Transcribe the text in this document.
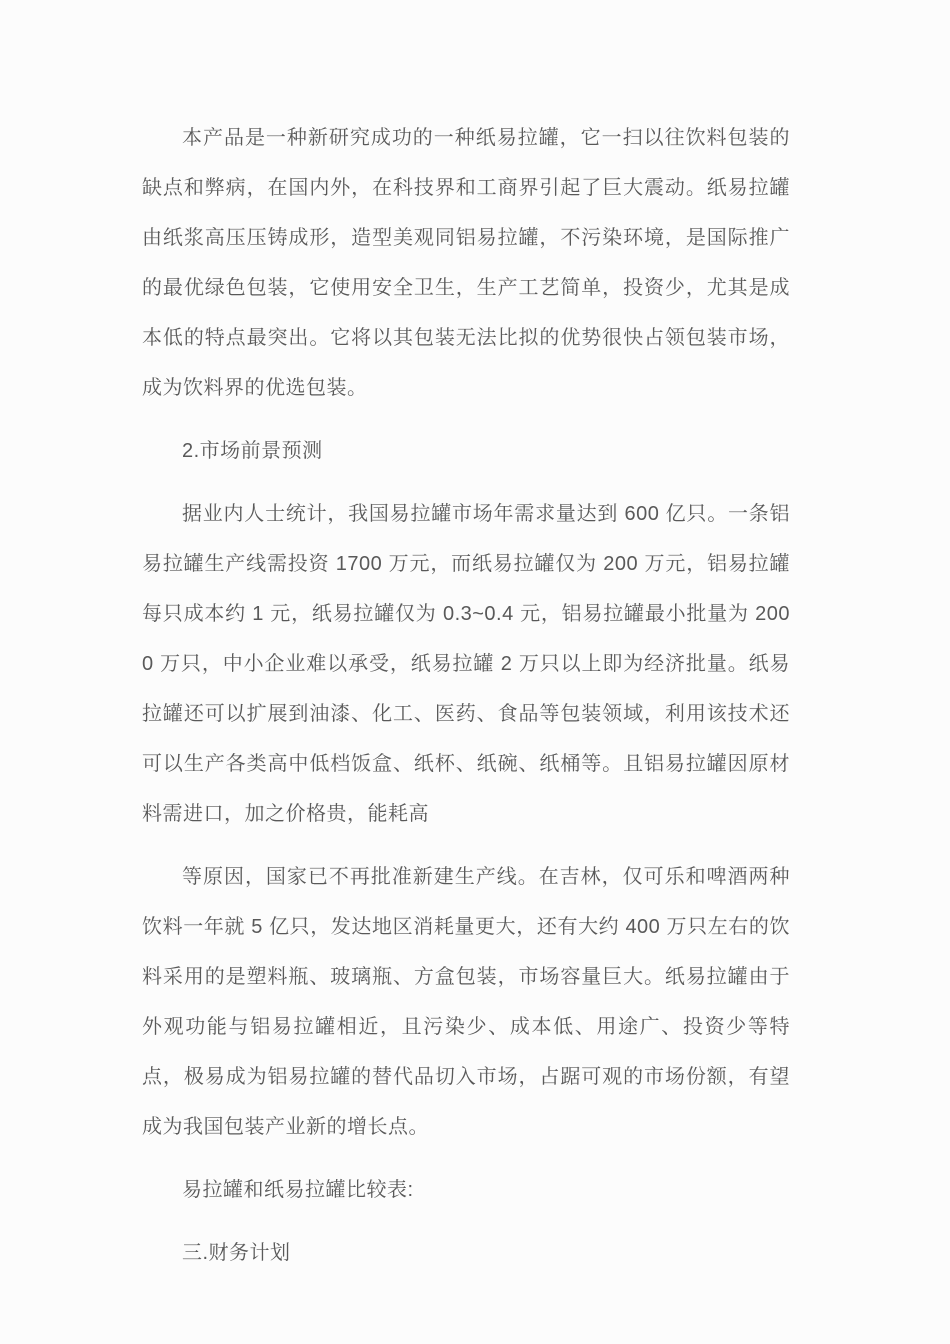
本产品是一种新研究成功的一种纸易拉罐，它一扫以往饮料包装的缺点和弊病，在国内外，在科技界和工商界引起了巨大震动。纸易拉罐由纸浆高压压铸成形，造型美观同铝易拉罐，不污染环境，是国际推广的最优绿色包装，它使用安全卫生，生产工艺简单，投资少，尤其是成本低的特点最突出。它将以其包装无法比拟的优势很快占领包装市场，成为饮料界的优选包装。

2.市场前景预测

据业内人士统计，我国易拉罐市场年需求量达到 600 亿只。一条铝易拉罐生产线需投资 1700 万元，而纸易拉罐仅为 200 万元，铝易拉罐每只成本约 1 元，纸易拉罐仅为 0.3~0.4 元，铝易拉罐最小批量为 2000 万只，中小企业难以承受，纸易拉罐 2 万只以上即为经济批量。纸易拉罐还可以扩展到油漆、化工、医药、食品等包装领域，利用该技术还可以生产各类高中低档饭盒、纸杯、纸碗、纸桶等。且铝易拉罐因原材料需进口，加之价格贵，能耗高

等原因，国家已不再批准新建生产线。在吉林，仅可乐和啤酒两种饮料一年就 5 亿只，发达地区消耗量更大，还有大约 400 万只左右的饮料采用的是塑料瓶、玻璃瓶、方盒包装，市场容量巨大。纸易拉罐由于外观功能与铝易拉罐相近，且污染少、成本低、用途广、投资少等特点，极易成为铝易拉罐的替代品切入市场，占踞可观的市场份额，有望成为我国包装产业新的增长点。

易拉罐和纸易拉罐比较表:

三.财务计划
